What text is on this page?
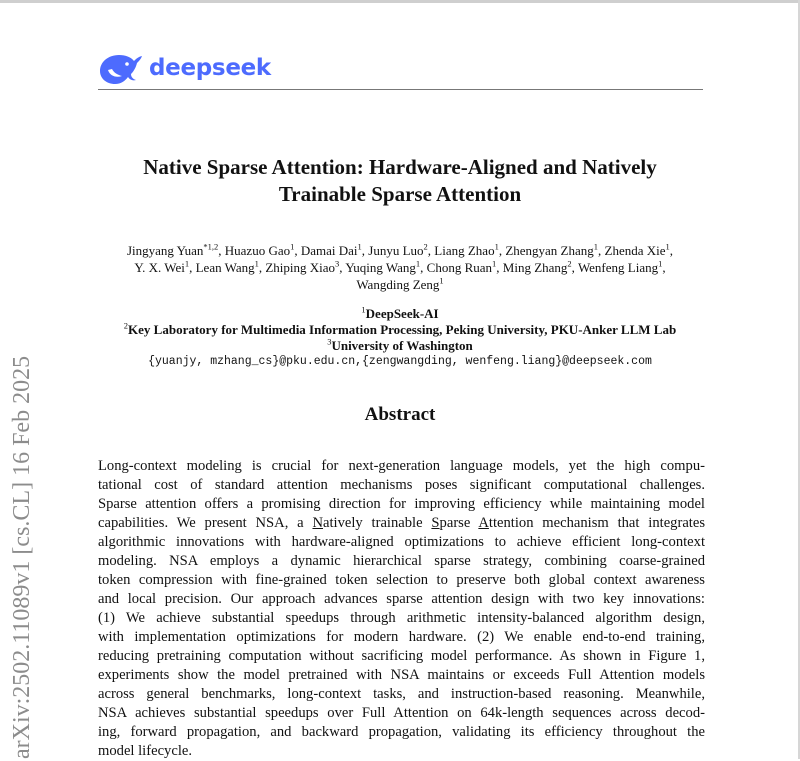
deepseek
Native Sparse Attention: Hardware-Aligned and Natively
Trainable Sparse Attention
Jingyang Yuan$^{*1,2}$, Huazuo Gao$^1$, Damai Dai$^1$, Junyu Luo$^2$, Liang Zhao$^1$, Zhengyan Zhang$^1$, Zhenda Xie$^1$,
Y. X. Wei$^1$, Lean Wang$^1$, Zhiping Xiao$^3$, Yuqing Wang$^1$, Chong Ruan$^1$, Ming Zhang$^2$, Wenfeng Liang$^1$,
Wangding Zeng$^1$
$^1$DeepSeek-AI
$^2$Key Laboratory for Multimedia Information Processing, Peking University, PKU-Anker LLM Lab
$^3$University of Washington
{yuanjy, mzhang_cs}@pku.edu.cn,{zengwangding, wenfeng.liang}@deepseek.com
Abstract
Long-context modeling is crucial for next-generation language models, yet the high compu-
tational cost of standard attention mechanisms poses significant computational challenges.
Sparse attention offers a promising direction for improving efficiency while maintaining model
capabilities. We present NSA, a Natively trainable Sparse Attention mechanism that integrates
algorithmic innovations with hardware-aligned optimizations to achieve efficient long-context
modeling. NSA employs a dynamic hierarchical sparse strategy, combining coarse-grained
token compression with fine-grained token selection to preserve both global context awareness
and local precision. Our approach advances sparse attention design with two key innovations:
(1) We achieve substantial speedups through arithmetic intensity-balanced algorithm design,
with implementation optimizations for modern hardware. (2) We enable end-to-end training,
reducing pretraining computation without sacrificing model performance. As shown in Figure 1,
experiments show the model pretrained with NSA maintains or exceeds Full Attention models
across general benchmarks, long-context tasks, and instruction-based reasoning. Meanwhile,
NSA achieves substantial speedups over Full Attention on 64k-length sequences across decod-
ing, forward propagation, and backward propagation, validating its efficiency throughout the
model lifecycle.
arXiv:2502.11089v1 [cs.CL] 16 Feb 2025
